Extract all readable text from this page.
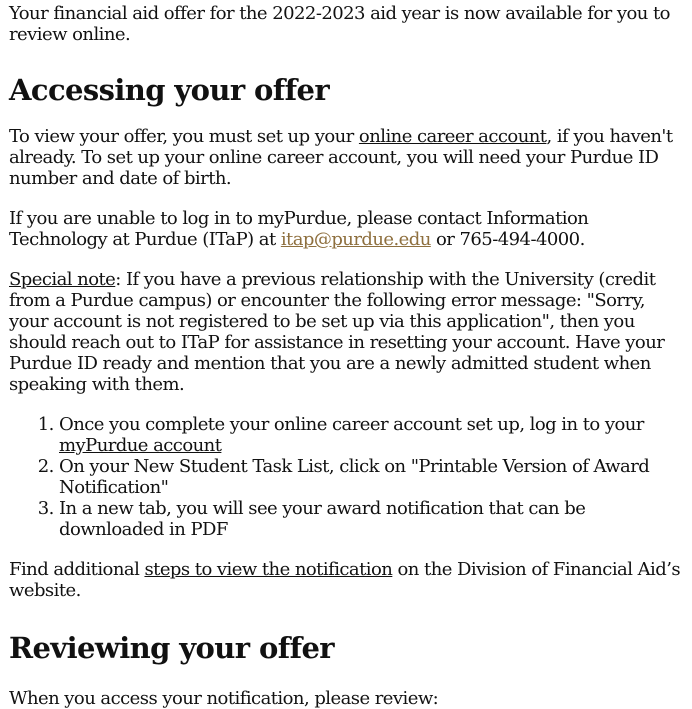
Your financial aid offer for the 2022-2023 aid year is now available for you to review online.

Accessing your offer

To view your offer, you must set up your online career account, if you haven't already. To set up your online career account, you will need your Purdue ID number and date of birth.

If you are unable to log in to myPurdue, please contact Information Technology at Purdue (ITaP) at itap@purdue.edu or 765-494-4000.

Special note: If you have a previous relationship with the University (credit from a Purdue campus) or encounter the following error message: "Sorry, your account is not registered to be set up via this application", then you should reach out to ITaP for assistance in resetting your account. Have your Purdue ID ready and mention that you are a newly admitted student when speaking with them.

1. Once you complete your online career account set up, log in to your myPurdue account
2. On your New Student Task List, click on "Printable Version of Award Notification"
3. In a new tab, you will see your award notification that can be downloaded in PDF

Find additional steps to view the notification on the Division of Financial Aid’s website.

Reviewing your offer

When you access your notification, please review:
